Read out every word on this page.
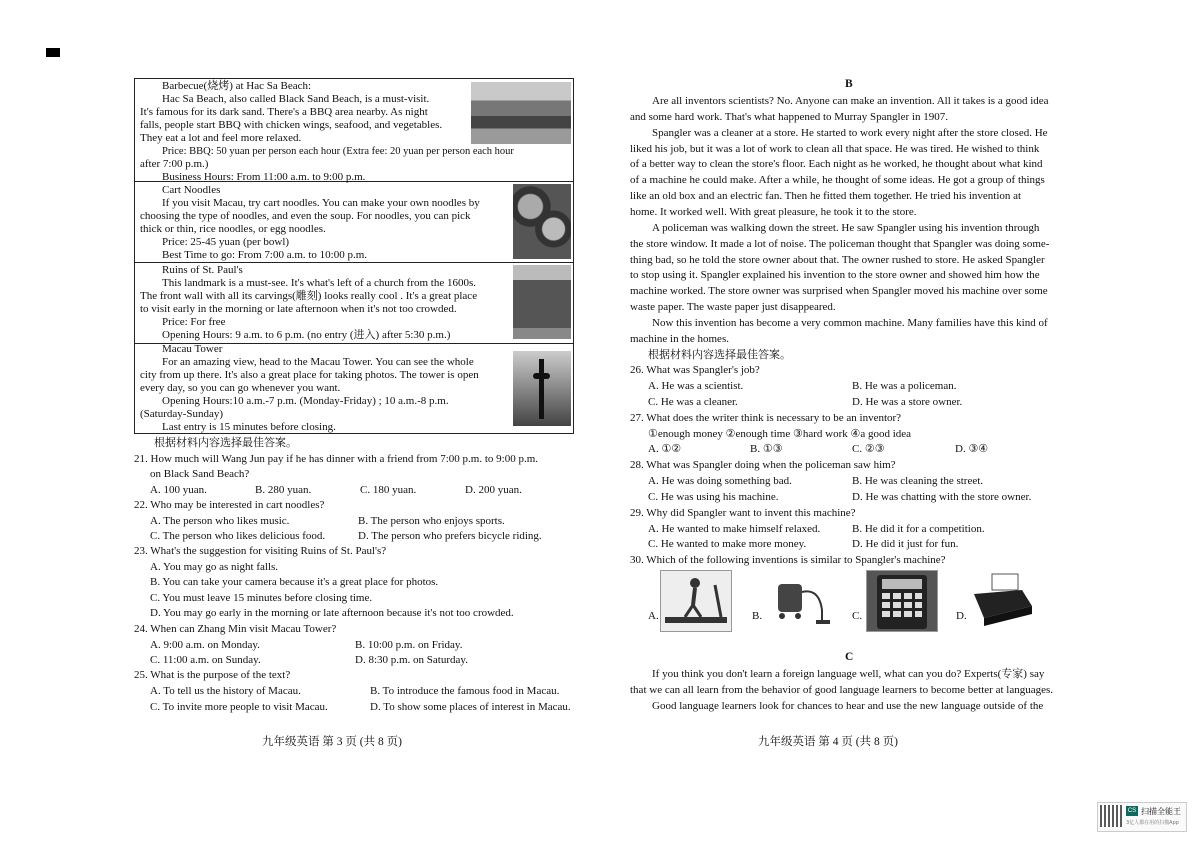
Barbecue(烧烤) at Hac Sa Beach:
Hac Sa Beach, also called Black Sand Beach, is a must-visit.
It's famous for its dark sand. There's a BBQ area nearby. As night
falls, people start BBQ with chicken wings, seafood, and vegetables.
They eat a lot and feel more relaxed.
Price: BBQ: 50 yuan per person each hour (Extra fee: 20 yuan per person each hour
after 7:00 p.m.)
Business Hours: From 11:00 a.m. to 9:00 p.m.
Cart Noodles
If you visit Macau, try cart noodles. You can make your own noodles by
choosing the type of noodles, and even the soup. For noodles, you can pick
thick or thin, rice noodles, or egg noodles.
Price: 25-45 yuan (per bowl)
Best Time to go: From 7:00 a.m. to 10:00 p.m.
Ruins of St. Paul's
This landmark is a must-see. It's what's left of a church from the 1600s.
The front wall with all its carvings(雕刻) looks really cool . It's a great place
to visit early in the morning or late afternoon when it's not too crowded.
Price: For free
Opening Hours: 9 a.m. to 6 p.m. (no entry (进入) after 5:30 p.m.)
Macau Tower
For an amazing view, head to the Macau Tower. You can see the whole
city from up there. It's also a great place for taking photos. The tower is open
every day, so you can go whenever you want.
Opening Hours:10 a.m.-7 p.m. (Monday-Friday) ; 10 a.m.-8 p.m.
(Saturday-Sunday)
Last entry is 15 minutes before closing.
根据材料内容选择最佳答案。
21. How much will Wang Jun pay if he has dinner with a friend from 7:00 p.m. to 9:00 p.m.
on Black Sand Beach?
A. 100 yuan.	B. 280 yuan.	C. 180 yuan.	D. 200 yuan.
22. Who may be interested in cart noodles?
A. The person who likes music.	B. The person who enjoys sports.
C. The person who likes delicious food.	D. The person who prefers bicycle riding.
23. What's the suggestion for visiting Ruins of St. Paul's?
A. You may go as night falls.
B. You can take your camera because it's a great place for photos.
C. You must leave 15 minutes before closing time.
D. You may go early in the morning or late afternoon because it's not too crowded.
24. When can Zhang Min visit Macau Tower?
A. 9:00 a.m. on Monday.	B. 10:00 p.m. on Friday.
C. 11:00 a.m. on Sunday.	D. 8:30 p.m. on Saturday.
25. What is the purpose of the text?
A. To tell us the history of Macau.	B. To introduce the famous food in Macau.
C. To invite more people to visit Macau.	D. To show some places of interest in Macau.
九年级英语 第 3 页 (共 8 页)
B
Are all inventors scientists? No. Anyone can make an invention. All it takes is a good idea
and some hard work. That's what happened to Murray Spangler in 1907.
Spangler was a cleaner at a store. He started to work every night after the store closed. He
liked his job, but it was a lot of work to clean all that space. He was tired. He wished to think
of a better way to clean the store's floor. Each night as he worked, he thought about what kind
of a machine he could make. After a while, he thought of some ideas. He got a group of things
like an old box and an electric fan. Then he fitted them together. He tried his invention at
home. It worked well. With great pleasure, he took it to the store.
A policeman was walking down the street. He saw Spangler using his invention through
the store window. It made a lot of noise. The policeman thought that Spangler was doing some-
thing bad, so he told the store owner about that. The owner rushed to store. He asked Spangler
to stop using it. Spangler explained his invention to the store owner and showed him how the
machine worked. The store owner was surprised when Spangler moved his machine over some
waste paper. The waste paper just disappeared.
Now this invention has become a very common machine. Many families have this kind of
machine in the homes.
根据材料内容选择最佳答案。
26. What was Spangler's job?
A. He was a scientist.	B. He was a policeman.
C. He was a cleaner.	D. He was a store owner.
27. What does the writer think is necessary to be an inventor?
①enough money ②enough time ③hard work ④a good idea
A. ①②	B. ①③	C. ②③	D. ③④
28. What was Spangler doing when the policeman saw him?
A. He was doing something bad.	B. He was cleaning the street.
C. He was using his machine.	D. He was chatting with the store owner.
29. Why did Spangler want to invent this machine?
A. He wanted to make himself relaxed.	B. He did it for a competition.
C. He wanted to make more money.	D. He did it just for fun.
30. Which of the following inventions is similar to Spangler's machine?
A.	B.	C.	D.
C
If you think you don't learn a foreign language well, what can you do? Experts(专家) say
that we can all learn from the behavior of good language learners to become better at languages.
Good language learners look for chances to hear and use the new language outside of the
九年级英语 第 4 页 (共 8 页)
CS 扫描全能王
3亿人都在用的扫描App
